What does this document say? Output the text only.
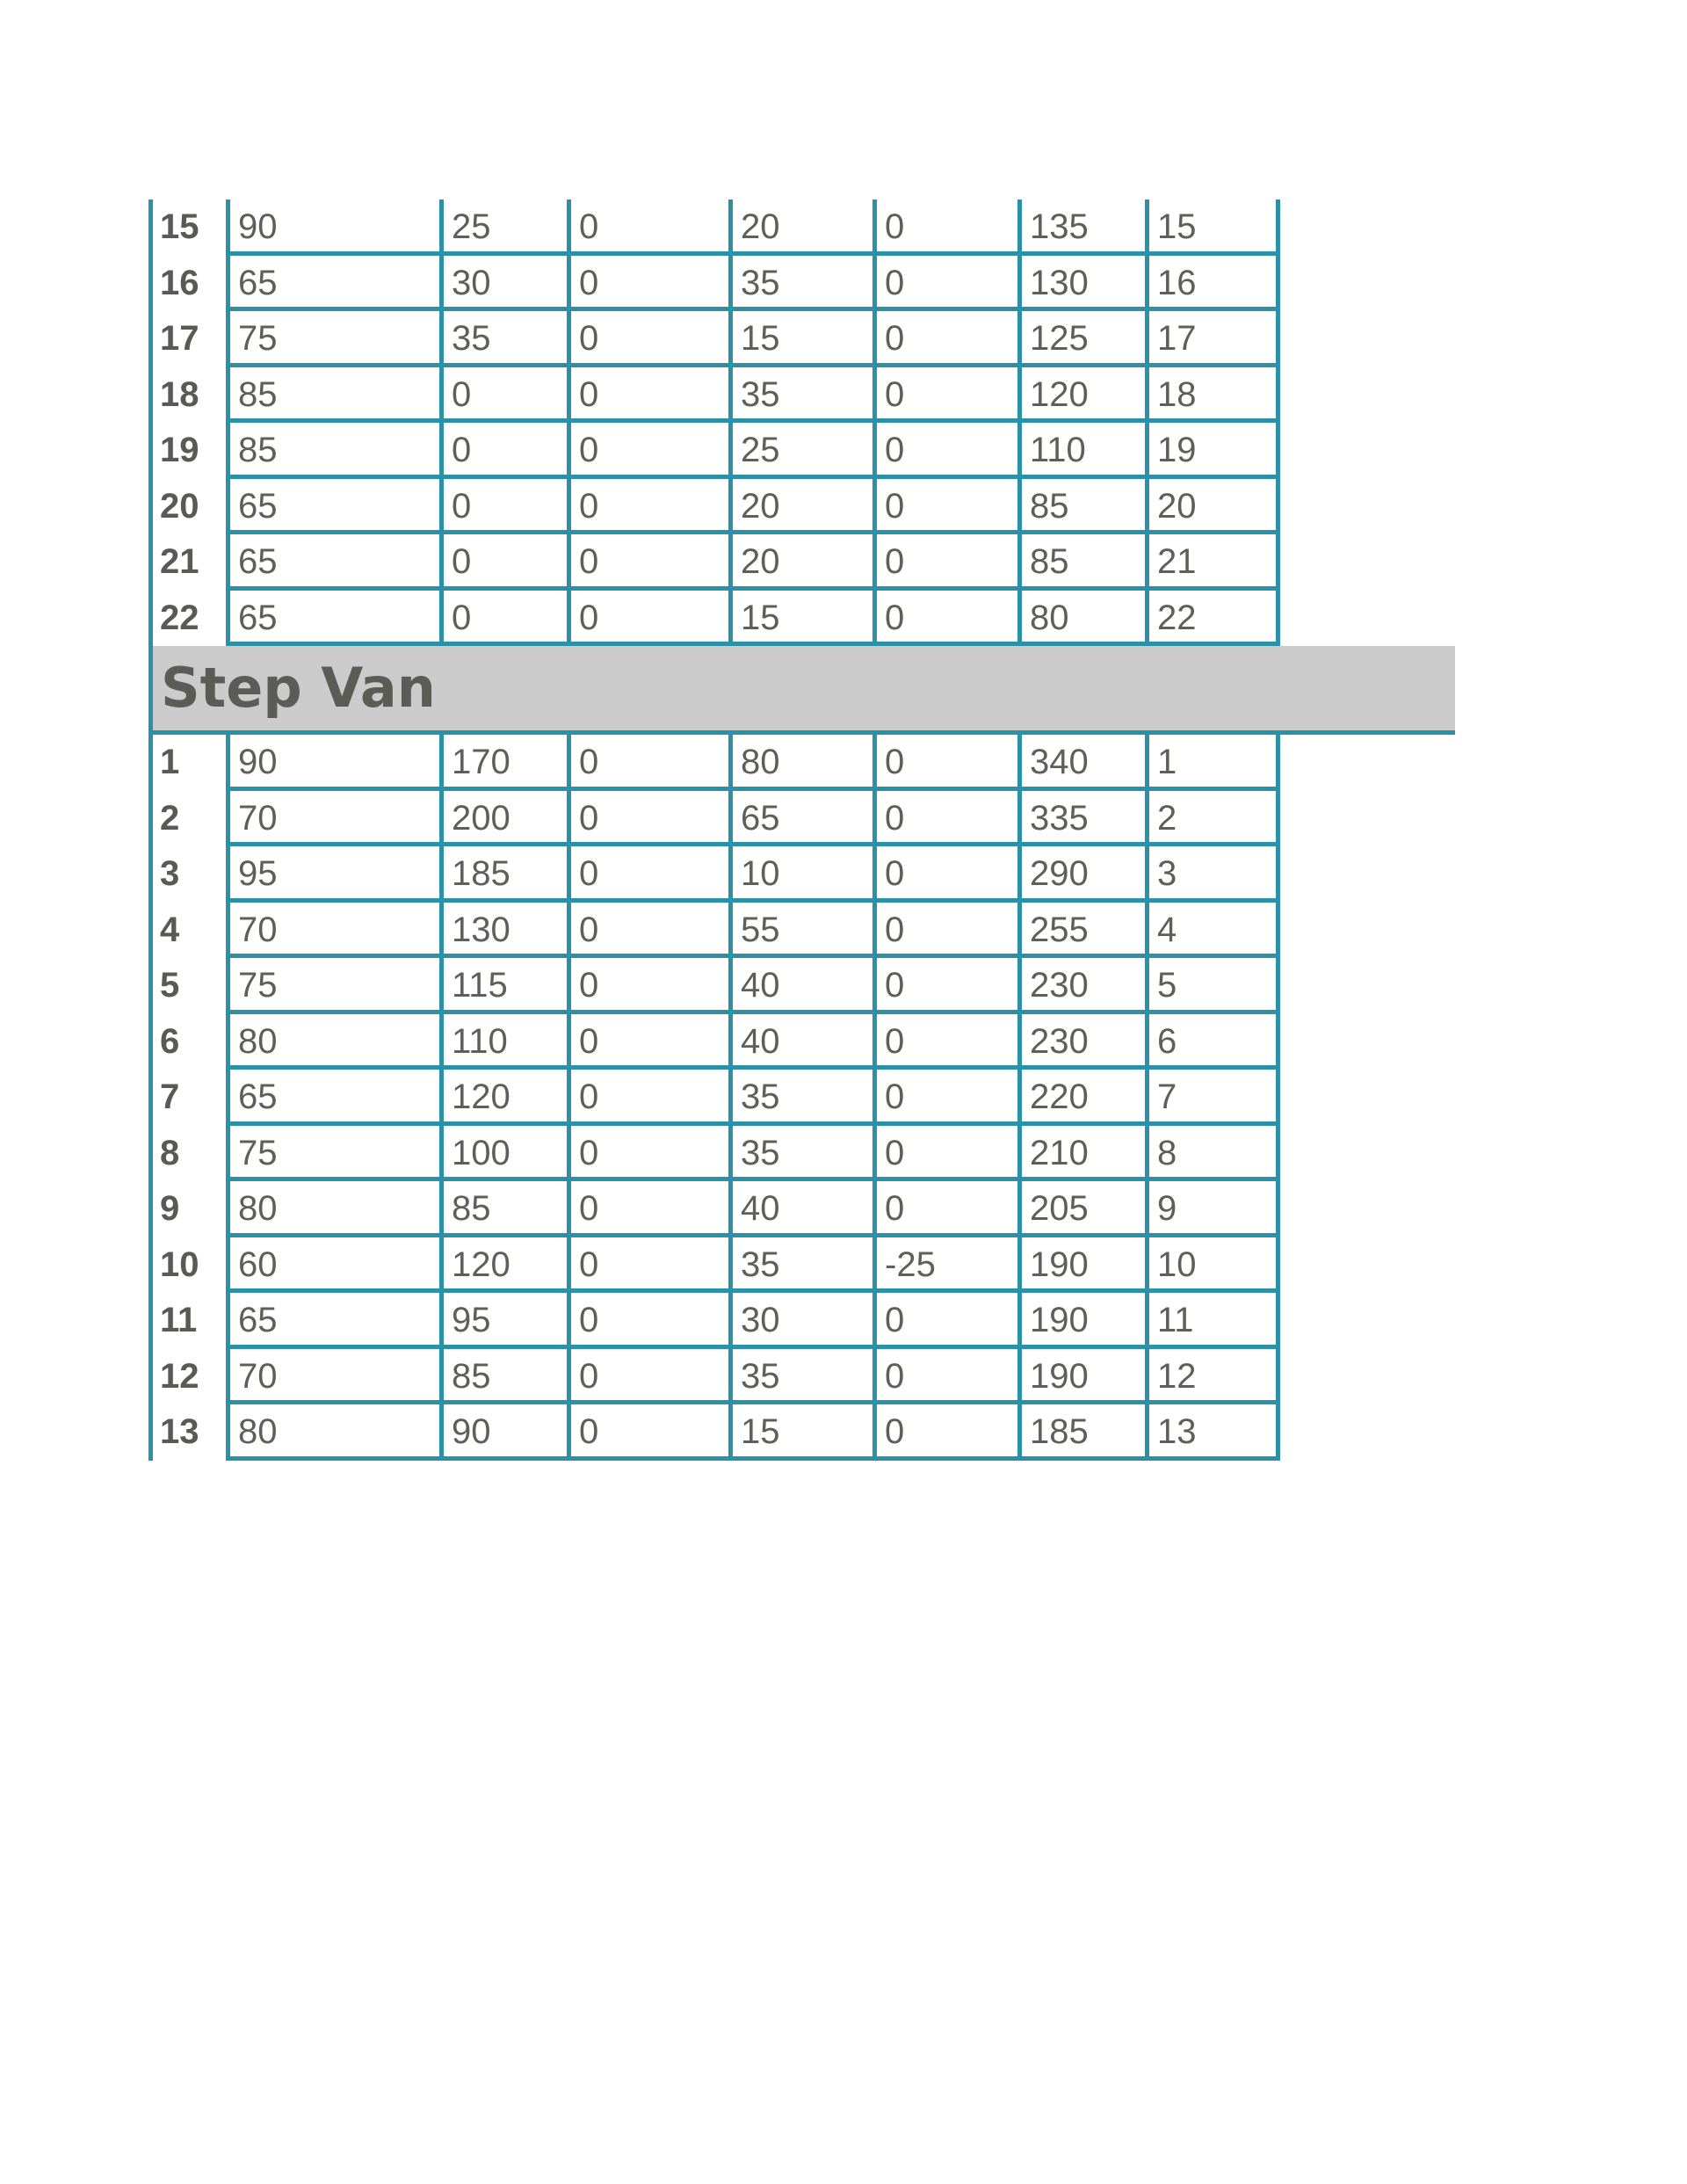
15	90	25	0	20	0	135	15
16	65	30	0	35	0	130	16
17	75	35	0	15	0	125	17
18	85	0	0	35	0	120	18
19	85	0	0	25	0	110	19
20	65	0	0	20	0	85	20
21	65	0	0	20	0	85	21
22	65	0	0	15	0	80	22
Step Van
1	90	170	0	80	0	340	1
2	70	200	0	65	0	335	2
3	95	185	0	10	0	290	3
4	70	130	0	55	0	255	4
5	75	115	0	40	0	230	5
6	80	110	0	40	0	230	6
7	65	120	0	35	0	220	7
8	75	100	0	35	0	210	8
9	80	85	0	40	0	205	9
10	60	120	0	35	-25	190	10
11	65	95	0	30	0	190	11
12	70	85	0	35	0	190	12
13	80	90	0	15	0	185	13
